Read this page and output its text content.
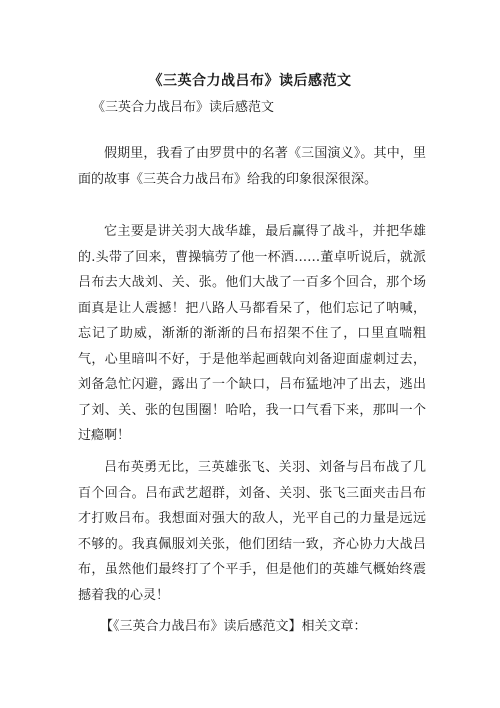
《三英合力战吕布》读后感范文
《三英合力战吕布》读后感范文

假期里，我看了由罗贯中的名著《三国演义》。其中，里面的故事《三英合力战吕布》给我的印象很深很深。

它主要是讲关羽大战华雄，最后赢得了战斗，并把华雄的.头带了回来，曹操犒劳了他一杯酒……董卓听说后，就派吕布去大战刘、关、张。他们大战了一百多个回合，那个场面真是让人震撼！把八路人马都看呆了，他们忘记了呐喊，忘记了助威，渐渐的渐渐的吕布招架不住了，口里直喘粗气，心里暗叫不好，于是他举起画戟向刘备迎面虚刺过去，刘备急忙闪避，露出了一个缺口，吕布猛地冲了出去，逃出了刘、关、张的包围圈！哈哈，我一口气看下来，那叫一个过瘾啊！

吕布英勇无比，三英雄张飞、关羽、刘备与吕布战了几百个回合。吕布武艺超群，刘备、关羽、张飞三面夹击吕布才打败吕布。我想面对强大的敌人，光平自己的力量是远远不够的。我真佩服刘关张，他们团结一致，齐心协力大战吕布，虽然他们最终打了个平手，但是他们的英雄气概始终震撼着我的心灵！

【《三英合力战吕布》读后感范文】相关文章：
